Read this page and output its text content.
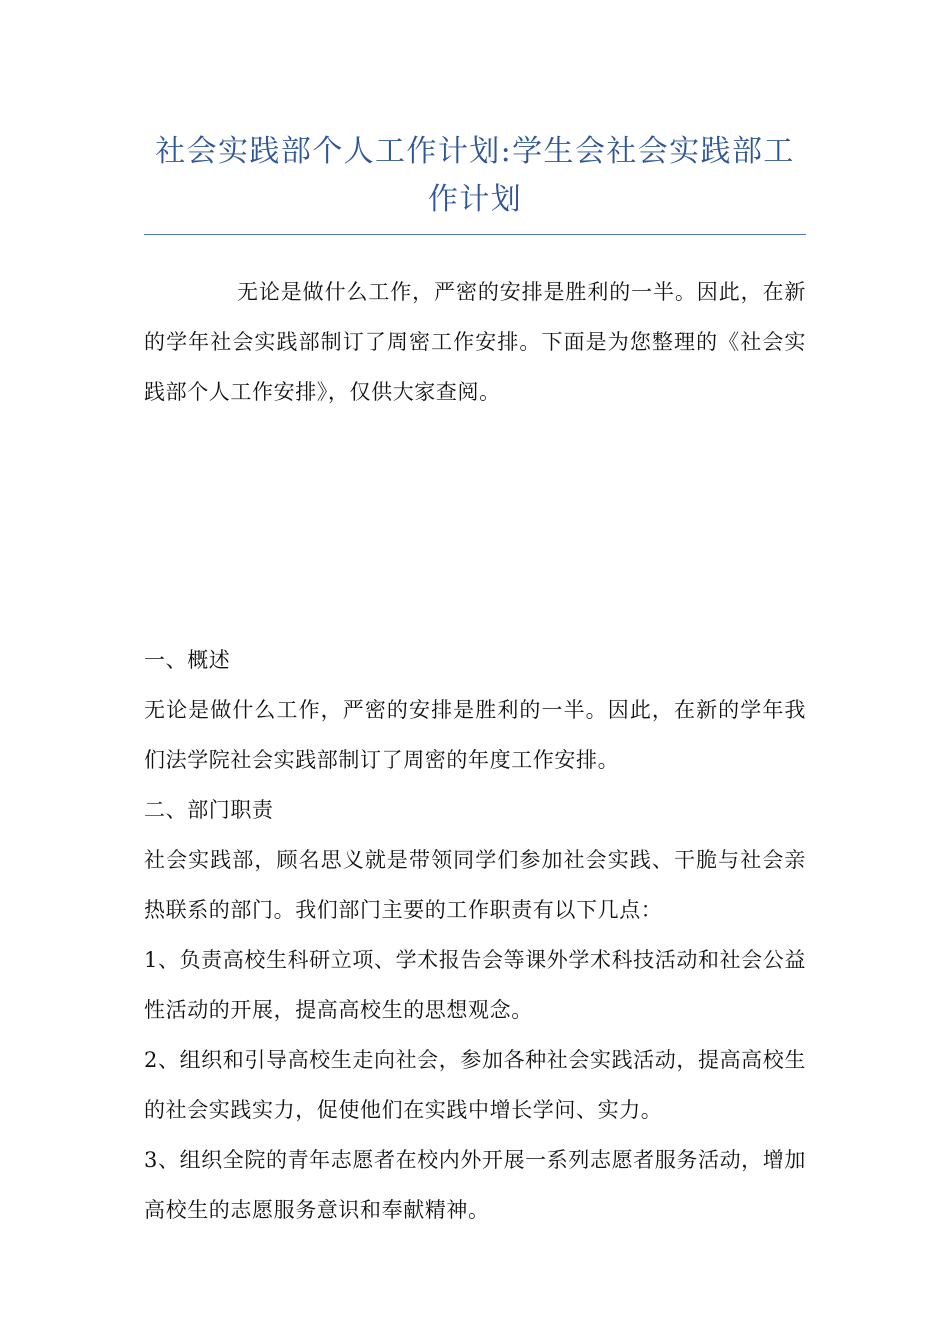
社会实践部个人工作计划:学生会社会实践部工作计划

无论是做什么工作，严密的安排是胜利的一半。因此，在新的学年社会实践部制订了周密工作安排。下面是为您整理的《社会实践部个人工作安排》，仅供大家查阅。

一、概述

无论是做什么工作，严密的安排是胜利的一半。因此，在新的学年我们法学院社会实践部制订了周密的年度工作安排。

二、部门职责

社会实践部，顾名思义就是带领同学们参加社会实践、干脆与社会亲热联系的部门。我们部门主要的工作职责有以下几点：

1、负责高校生科研立项、学术报告会等课外学术科技活动和社会公益性活动的开展，提高高校生的思想观念。

2、组织和引导高校生走向社会，参加各种社会实践活动，提高高校生的社会实践实力，促使他们在实践中增长学问、实力。

3、组织全院的青年志愿者在校内外开展一系列志愿者服务活动，增加高校生的志愿服务意识和奉献精神。
